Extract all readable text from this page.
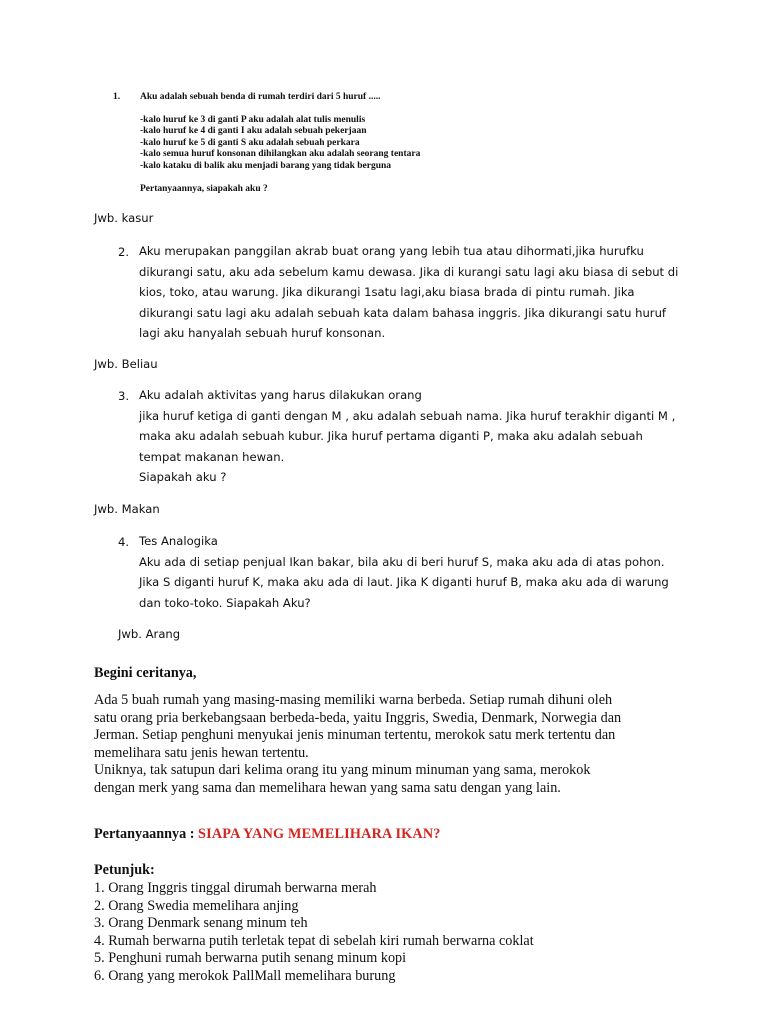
1. Aku adalah sebuah benda di rumah terdiri dari 5 huruf .....
-kalo huruf ke 3 di ganti P aku adalah alat tulis menulis
-kalo huruf ke 4 di ganti I aku adalah sebuah pekerjaan
-kalo huruf ke 5 di ganti S aku adalah sebuah perkara
-kalo semua huruf konsonan dihilangkan aku adalah seorang tentara
-kalo kataku di balik aku menjadi barang yang tidak berguna
Pertanyaannya, siapakah aku ?
Jwb. kasur
2. Aku merupakan panggilan akrab buat orang yang lebih tua atau dihormati,jika hurufku
dikurangi satu, aku ada sebelum kamu dewasa. Jika di kurangi satu lagi aku biasa di sebut di
kios, toko, atau warung. Jika dikurangi 1satu lagi,aku biasa brada di pintu rumah. Jika
dikurangi satu lagi aku adalah sebuah kata dalam bahasa inggris. Jika dikurangi satu huruf
lagi aku hanyalah sebuah huruf konsonan.
Jwb. Beliau
3. Aku adalah aktivitas yang harus dilakukan orang
jika huruf ketiga di ganti dengan M , aku adalah sebuah nama. Jika huruf terakhir diganti M ,
maka aku adalah sebuah kubur. Jika huruf pertama diganti P, maka aku adalah sebuah
tempat makanan hewan.
Siapakah aku ?
Jwb. Makan
4. Tes Analogika
Aku ada di setiap penjual Ikan bakar, bila aku di beri huruf S, maka aku ada di atas pohon.
Jika S diganti huruf K, maka aku ada di laut. Jika K diganti huruf B, maka aku ada di warung
dan toko-toko. Siapakah Aku?
Jwb. Arang
Begini ceritanya,
Ada 5 buah rumah yang masing-masing memiliki warna berbeda. Setiap rumah dihuni oleh
satu orang pria berkebangsaan berbeda-beda, yaitu Inggris, Swedia, Denmark, Norwegia dan
Jerman. Setiap penghuni menyukai jenis minuman tertentu, merokok satu merk tertentu dan
memelihara satu jenis hewan tertentu.
Uniknya, tak satupun dari kelima orang itu yang minum minuman yang sama, merokok
dengan merk yang sama dan memelihara hewan yang sama satu dengan yang lain.
Pertanyaannya : SIAPA YANG MEMELIHARA IKAN?
Petunjuk:
1. Orang Inggris tinggal dirumah berwarna merah
2. Orang Swedia memelihara anjing
3. Orang Denmark senang minum teh
4. Rumah berwarna putih terletak tepat di sebelah kiri rumah berwarna coklat
5. Penghuni rumah berwarna putih senang minum kopi
6. Orang yang merokok PallMall memelihara burung
